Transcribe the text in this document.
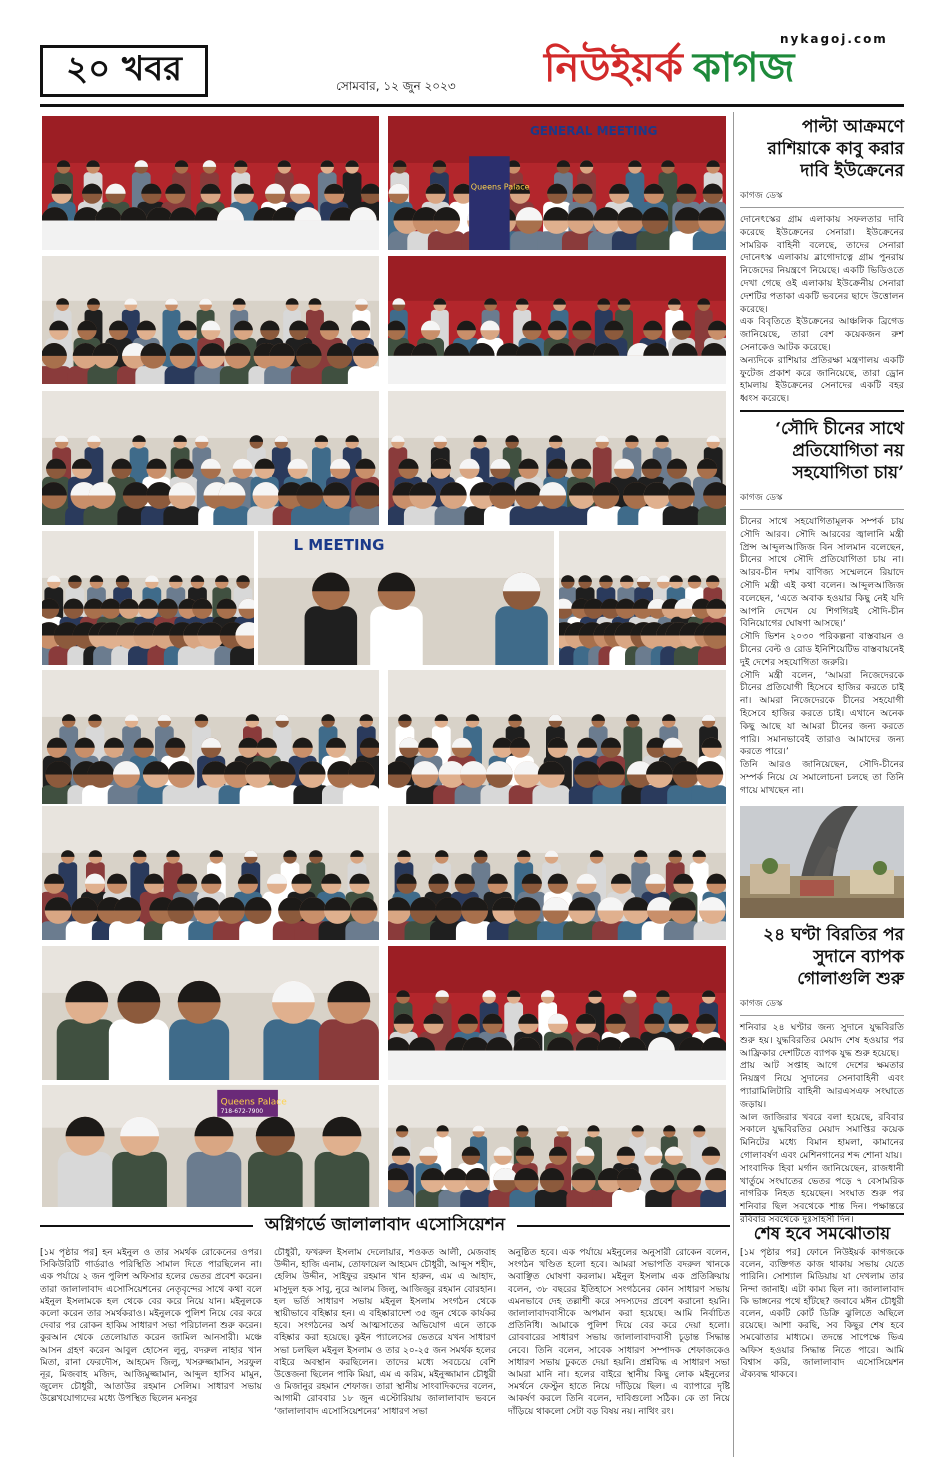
২০ খবর	সোমবার, ১২ জুন ২০২৩
nykagoj.com
নিউইয়র্ক কাগজ
GENERAL MEETING
Queens Palace
L MEETING
Queens Palace
718-672-7900
পাল্টা আক্রমণে রাশিয়াকে কাবু করার দাবি ইউক্রেনের
কাগজ ডেস্ক

দোনেৎস্কের গ্রাম এলাকায় সফলতার দাবি করেছে ইউক্রেনের সেনারা। ইউক্রেনের সামরিক বাহিনী বলেছে, তাদের সেনারা দোনেৎস্ক এলাকায় ব্লাগোদাত্নে গ্রাম পুনরায় নিজেদের নিয়ন্ত্রণে নিয়েছে। একটি ভিডিওতে দেখা গেছে ওই এলাকায় ইউক্রেনীয় সেনারা দেশটির পতাকা একটি ভবনের ছাদে উত্তোলন করেছে।

এক বিবৃতিতে ইউক্রেনের আঞ্চলিক ব্রিগেড জানিয়েছে, তারা বেশ কয়েকজন রুশ সেনাকেও আটক করেছে।

অন্যদিকে রাশিয়ার প্রতিরক্ষা মন্ত্রণালয় একটি ফুটেজ প্রকাশ করে জানিয়েছে, তারা ড্রোন হামলায় ইউক্রেনের সেনাদের একটি বহর ধ্বংস করেছে।

‘সৌদি চীনের সাথে প্রতিযোগিতা নয় সহযোগিতা চায়’
কাগজ ডেস্ক

চীনের সাথে সহযোগিতামূলক সম্পর্ক চায় সৌদি আরব। সৌদি আরবের জ্বালানি মন্ত্রী প্রিন্স আব্দুলআজিজ বিন সালমান বলেছেন, চীনের সাথে সৌদি প্রতিযোগিতা চায় না। আরব-চীন দশম বাণিজ্য সম্মেলনে রিয়াদে সৌদি মন্ত্রী এই কথা বলেন। আব্দুলআজিজ বলেছেন, ‘এতে অবাক হওয়ার কিছু নেই যদি আপনি দেখেন যে শিগগিরই সৌদি-চীন বিনিয়োগের ঘোষণা আসছে।’

সৌদি ভিশন ২০৩০ পরিকল্পনা বাস্তবায়ন ও চীনের বেল্ট ও রোড ইনিশিয়েটিভ বাস্তবায়নেই দুই দেশের সহযোগিতা জরুরি।

সৌদি মন্ত্রী বলেন, ‘আমরা নিজেদেরকে চীনের প্রতিযোগী হিসেবে হাজির করতে চাই না। আমরা নিজেদেরকে চীনের সহযোগী হিসেবে হাজির করতে চাই। এখানে অনেক কিছু আছে যা আমরা চীনের জন্য করতে পারি। সমানভাবেই তারাও আমাদের জন্য করতে পারে।’

তিনি আরও জানিয়েছেন, সৌদি-চীনের সম্পর্ক নিয়ে যে সমালোচনা চলছে তা তিনি গায়ে মাখছেন না।

২৪ ঘণ্টা বিরতির পর সুদানে ব্যাপক গোলাগুলি শুরু
কাগজ ডেস্ক

শনিবার ২৪ ঘণ্টার জন্য সুদানে যুদ্ধবিরতি শুরু হয়। যুদ্ধবিরতির মেয়াদ শেষ হওয়ার পর আফ্রিকার দেশটিতে ব্যাপক যুদ্ধ শুরু হয়েছে।

প্রায় আট সপ্তাহ আগে দেশের ক্ষমতার নিয়ন্ত্রণ নিয়ে সুদানের সেনাবাহিনী এবং প্যারামিলিটারি বাহিনী আরএসএফ সংঘাতে জড়ায়।

আল জাজিরার খবরে বলা হয়েছে, রবিবার সকালে যুদ্ধবিরতির মেয়াদ সমাপ্তির কয়েক মিনিটের মধ্যে বিমান হামলা, কামানের গোলাবর্ষণ এবং মেশিনগানের শব্দ শোনা যায়।

সাংবাদিক হিবা মর্গান জানিয়েছেন, রাজধানী খার্তুমে সংঘাতের ভেতর পড়ে ৭ বেসামরিক নাগরিক নিহত হয়েছেন। সংঘাত শুরু পর শনিবার ছিল সবথেকে শান্ত দিন। পক্ষান্তরে রবিবার সবথেকে দুঃসাহসী দিন।

অগ্নিগর্ভে জালালাবাদ এসোসিয়েশন
[১ম পৃষ্ঠার পর] হন মইনুল ও তার সমর্থক রোকেনের ওপর। সিকিউরিটি গার্ডরাও পরিস্থিতি সামাল দিতে পারছিলেন না। এক পর্যায়ে ২ জন পুলিশ অফিসার হলের ভেতর প্রবেশ করেন। তারা জালালাবাদ এসোসিয়েশনের নেতৃবৃন্দের সাথে কথা বলে মইনুল ইসলামকে হল থেকে বের করে নিয়ে যান। মইনুলকে কলো করেন তার সমর্থকরাও। মইনুলকে পুলিশ নিয়ে বের করে দেবার পর রোকন হাকিম সাধারণ সভা পরিচালনা শুরু করেন। কুরআন থেকে তেলোয়াত করেন জামিল আনসারী। মঞ্চে আসন গ্রহণ করেন আবুল হোসেন লুনু, বদরুল নাহার খান মিতা, রানা ফেরদৌস, আহমেদ জিলু, খসরুজ্জামান, সরফুল নূর, মিজবাহ মজিদ, আজিমুজ্জামান, আব্দুল হাসিব মামুন, জুলেদ চৌধুরী, আতাউর রহমান সেলিম। সাধারণ সভায় উল্লেখযোগ্যদের মধ্যে উপস্থিত ছিলেন মনসুর
চৌধুরী, ফখরুল ইসলাম দেলোয়ার, শওকত আলী, মেজবাহ উদ্দীন, হাজি এনাম, তোফায়েল আহমেদ চৌধুরী, আব্দুস শহীদ, হেলিম উদ্দীন, সাইফুর রহমান খান হারুন, এম এ আহাদ, মাসুদুল হক সাবু, নুরে আলম জিলু, আজিজুর রহমান বোরহান। হল ভর্তি সাধারণ সভায় মইনুল ইসলাম সংগঠন থেকে স্থায়ীভাবে বহিষ্কার হন। এ বহিষ্কারাদেশ ৩৫ জুন থেকে কার্যকর হবে। সংগঠনের অর্থ আত্মসাতের অভিযোগ এনে তাকে বহিষ্কার করা হয়েছে। কুইন প্যালেসের ভেতরে যখন সাধারণ সভা চলছিল মইনুল ইসলাম ও তার ২০-২৫ জন সমর্থক হলের বাইরে অবস্থান করছিলেন। তাদের মধ্যে সবচেয়ে বেশি উত্তেজনা ছিলেন পাকি মিয়া, এম এ করিম, মইনুজ্জামান চৌধুরী ও মিজানুর রহমান শেফাজ। তারা স্থানীয় সাংবাদিকদের বলেন, আগামী রোববার ১৮ জুন এস্টোরিয়ায় জালালাবাদ ভবনে ‘জালালাবাদ এসোসিয়েশনের’ সাধারণ সভা
অনুষ্ঠিত হবে। এক পর্যায়ে মইনুলের অনুসারী রোকেন বলেন, সংগঠন খণ্ডিত হলো হবে। আমরা সভাপতি বদরুল খানকে অবাঞ্ছিত ঘোষণা করলাম। মইনুল ইসলাম এক প্রতিক্রিয়ায় বলেন, ৩৮ বছরের ইতিহাসে সংগঠনের কোন সাধারণ সভায় এমনভাবে দেহ তল্লাশী করে সদস্যদের প্রবেশ করানো হয়নি। জালালাবাদবাসীকে অপমান করা হয়েছে। আমি নির্বাচিত প্রতিনিধি। আমাকে পুলিশ দিয়ে বের করে দেয়া হলো। রোববারের সাধারণ সভায় জালালাবাদবাসী চূড়ান্ত সিদ্ধান্ত নেবে। তিনি বলেন, সাবেক সাধারণ সম্পাদক শেফাজকেও সাধারণ সভায় ঢুকতে দেয়া হয়নি। প্রশ্নবিদ্ধ এ সাধারণ সভা আমরা মানি না। হলের বাইরে স্থানীয় কিছু লোক মইনুলের সমর্থনে ফেস্টুন হাতে নিয়ে দাঁড়িয়ে ছিল। এ ব্যাপারে দৃষ্টি আকর্ষণ করলে তিনি বলেন, দাবিগুলো সঠিক। কে তা নিয়ে দাঁড়িয়ে থাকলো সেটা বড় বিষয় নয়। নাথিং রং।
শেষ হবে সমঝোতায়
[১ম পৃষ্ঠার পর] ফোনে নিউইয়র্ক কাগজকে বলেন, ব্যক্তিগত কাজ থাকায় সভায় যেতে পারিনি। সোশ্যাল মিডিয়ায় যা দেখলাম তার নিন্দা জানাই। এটা কাম্য ছিল না। জালালাবাদ কি ভাঙ্গনের পথে হাঁটছে? জবাবে মঈন চৌধুরী বলেন, একটি কোর্ট ডিক্রি ঝুলিতে অছিলে রয়েছে। আশা করছি, সব কিছুর শেষ হবে সমঝোতার মাধ্যমে। তদন্তে সাপেক্ষে ভিএ অফিস হওয়ার সিদ্ধান্ত নিতে পারে। আমি বিশ্বাস করি, জালালাবাদ এসোসিয়েশন ঐক্যবদ্ধ থাকবে।
